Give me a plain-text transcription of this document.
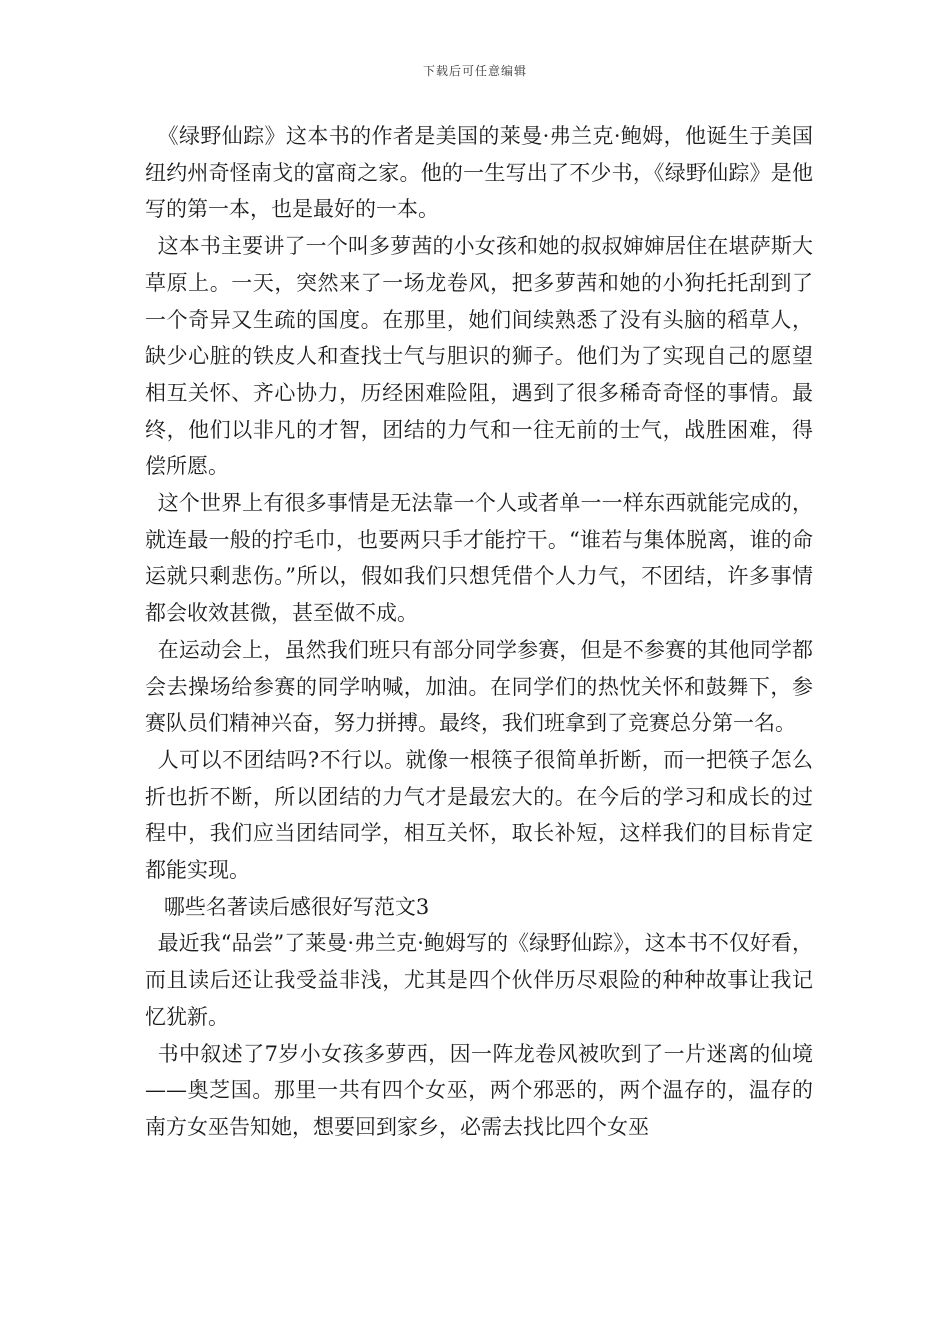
下载后可任意编辑

《绿野仙踪》这本书的作者是美国的莱曼·弗兰克·鲍姆，他诞生于美国纽约州奇怪南戈的富商之家。他的一生写出了不少书，《绿野仙踪》是他写的第一本，也是最好的一本。

这本书主要讲了一个叫多萝茜的小女孩和她的叔叔婶婶居住在堪萨斯大草原上。一天，突然来了一场龙卷风，把多萝茜和她的小狗托托刮到了一个奇异又生疏的国度。在那里，她们间续熟悉了没有头脑的稻草人，缺少心脏的铁皮人和查找士气与胆识的狮子。他们为了实现自己的愿望相互关怀、齐心协力，历经困难险阻，遇到了很多稀奇奇怪的事情。最终，他们以非凡的才智，团结的力气和一往无前的士气，战胜困难，得偿所愿。

这个世界上有很多事情是无法靠一个人或者单一一样东西就能完成的，就连最一般的拧毛巾，也要两只手才能拧干。“谁若与集体脱离，谁的命运就只剩悲伤。”所以，假如我们只想凭借个人力气，不团结，许多事情都会收效甚微，甚至做不成。

在运动会上，虽然我们班只有部分同学参赛，但是不参赛的其他同学都会去操场给参赛的同学呐喊，加油。在同学们的热忱关怀和鼓舞下，参赛队员们精神兴奋，努力拼搏。最终，我们班拿到了竞赛总分第一名。

人可以不团结吗?不行以。就像一根筷子很简单折断，而一把筷子怎么折也折不断，所以团结的力气才是最宏大的。在今后的学习和成长的过程中，我们应当团结同学，相互关怀，取长补短，这样我们的目标肯定都能实现。

哪些名著读后感很好写范文3

最近我“品尝”了莱曼·弗兰克·鲍姆写的《绿野仙踪》，这本书不仅好看，而且读后还让我受益非浅，尤其是四个伙伴历尽艰险的种种故事让我记忆犹新。

书中叙述了7岁小女孩多萝西，因一阵龙卷风被吹到了一片迷离的仙境——奥芝国。那里一共有四个女巫，两个邪恶的，两个温存的，温存的南方女巫告知她，想要回到家乡，必需去找比四个女巫
